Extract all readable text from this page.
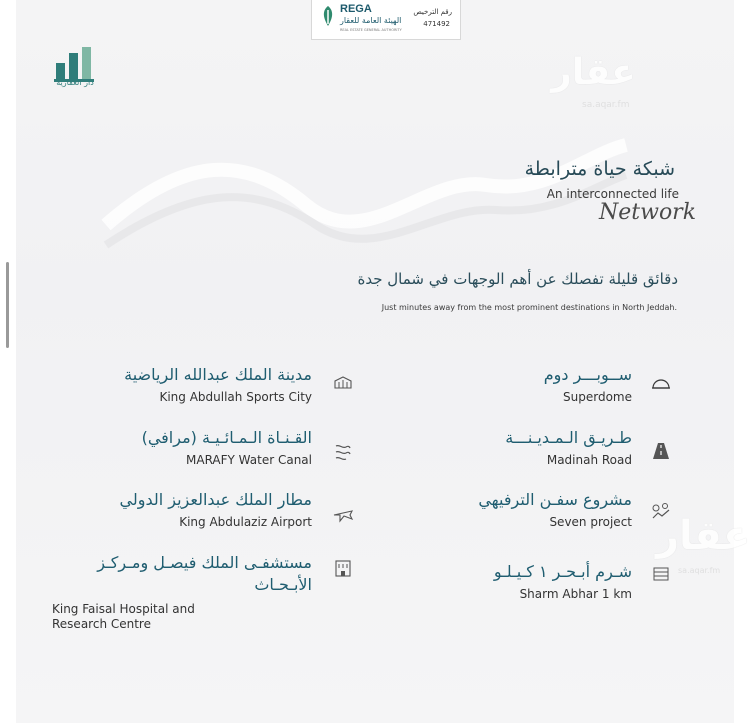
REGA
الهيئة العامة للعقار
REAL ESTATE GENERAL AUTHORITY
رقم الترخيص
471492
دار العقارية	عقار
sa.aqar.fm
شبكة حياة مترابطة
An interconnected life
Network
دقائق قليلة تفصلك عن أهم الوجهات في شمال جدة
Just minutes away from the most prominent destinations in North Jeddah.
ســوبـــر دوم
Superdome
طـريـق الـمـديـنـــة
Madinah Road
مشروع سفـن الترفيهي
Seven project
شـرم أبـحـر ١ كـيـلـو
Sharm Abhar 1 km
مدينة الملك عبدالله الرياضية
King Abdullah Sports City
القـنـاة الـمـائـيـة (مرافي)
MARAFY Water Canal
مطار الملك عبدالعزيز الدولي
King Abdulaziz Airport
مستشفـى الملك فيصـل ومـركـز الأبـحـاث
King Faisal Hospital and Research Centre
عقار
sa.aqar.fm
